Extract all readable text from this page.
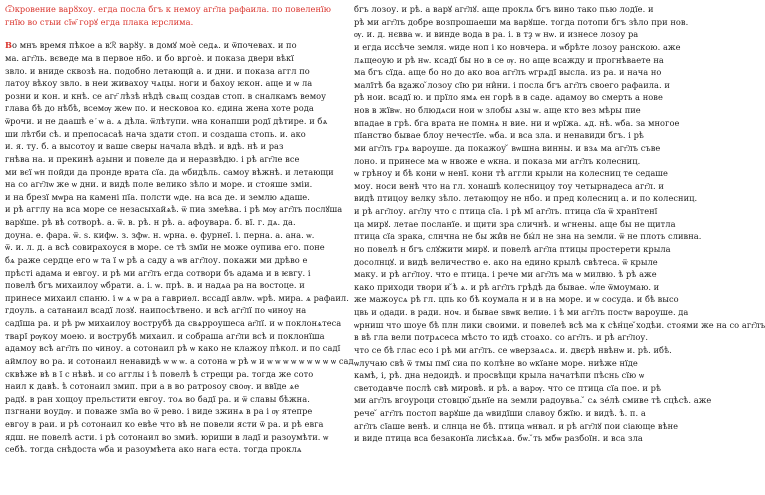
Ѿкровение варȣхоу. егда посла бгъ к немоу агг҃ла рафаила. по повеленїю
гнїю во стыи сїѡ҃ горꙋ егда плака ѥрслима.
Во мнъ время пѣкое а вℛ варȣу. в домꙋ моѐ седѧ. и ѿпочевах. и по
ма. агг҃ль. вєведе ма в первое нб҃о. и бо вргоѐ. и показа двери вѣкї
звло. и вниде сквозѣ на. подобно летающй а. и дни. и показа аггл по
латоу вѣкоу звло. в неи живахоу чѧцы. ноги и бахоу ѥкон. аще и ѡ ла
розни и кон. и кнѣ. се агг҃ лѣзѣ нѣдѣ свѧщ создав стоп. в сналкамъ вемоу
глава бѣ до нѣбѣ, всемѹ жеѡ по. и несковоа ко. єдина жена хоте рода
ѿрочи. и не даашѣ е ҆ ѡ а. ѧ дѣла. ѿлѣтупи. ѡна конапши родї дѣтире. и бѧ
ши лѣтби сѣ. и препосасаѣ нача здати стоп. и создаша стопь. и. ако
и. я. ту. б. а высотоу и ваше сверы начала вѣдѣ. и вдѣ. нѣ и раз
гнѣва на. и прекинѣ аҙыни и повеле да и неразвѣдю. і рѣ агг҃ле все
ми вєї ѡн пойди да пронде врата сїа. да ѡбидѣль. самоу вѣжнѣ. и летающи
на со агг҃лѡ же ѡ дни. и видѣ поле велико зѣло и море. и стояше зміи.
и на брезї мѡра на камені пїа. полсти ѡде. на вса де. и землю ѧдаше.
и рѣ агглу на вса море се незасыхайѧѣ. ѿ пиа змеѣва. і рѣ мѹ агг҃лъ послꙋша
варꙋше. рѣ вѣ сотворѣ. а. ѿ. в. рѣ. н рѣ. а. афоувара. б. вї. г. дѧ. да.
доуна. е. фара. ѿ. ѕ. кифѡ. з. зфѡ. н. ѡрна. ѳ. фурнеї. і. перна. а. ана. ѡ.
ѿ. и. л. д. а всѣ совирахоуся в море. се тѣ змїи не може оупива его. поне
бѧ раже сердце его ѡ та ї ѡ рѣ а саду а ѡв агг҃лоу. покажи ми дрѣво е
прѣсті адама и евгоу. и рѣ ми агг҃лъ егда сотвори бъ адама и в ѥвгу. і
повелѣ бгъ михаилоу ѡбрати. а. і. ѡ. прѣ. в. и надѧа ра на востоце. и
принесе михаил спаню. і ѡ ѧ ѡ ра а гавриѳл. вссадї авлѡ. ѡрѣ. мира. ѧ рафаил.
гдоуль. а сатанаил всадї лозꙋ. наипосѣтвено. и всѣ агг҃лї по ҹиноу на
садїша ра. и рѣ рѡ михаилоу вострубѣ да свѧрроушеса аг҃лї. и ѡ поклонѧтеса
тварї рѹкоу моею. и вострубѣ михаил. и собраша агг҃ли всѣ и поклонїша
адамоу всѣ агг҃лъ по ҹиноу. а сотонаил рѣ ѡ како не клажоу пѣкол. и по садї
аймлоу во ра. и сотонаил ненавидѣ ѡ ѡ ѡ. а сотона ѡ рѣ ѡ и ѡ ѡ ѡ ѡ ѡ ѡ ѡ ѡ ѡ сад
сквѣже вѣ в ї с нѣвѣ. и со агглы і ѣ повелѣ ѣ стрещи ра. тогда же сото
наил к давѣ. ѣ сотонаил змип. при а в во ратроѕоу своѹ. и ввїде ѧе
радꙋ. в ран хощоу прельстити евгоу. тоѧ во бадї ра. и ѿ славы бѣжна.
пзгнани воудѹ. и поваже змїа во ѿ рево. і виде зжинѧ в ра і ѹ ятепре
евгоу в раи. и рѣ сотонаил ко евѣе что вѣ не повели ясти ѿ ра. и рѣ евга
ядш. не повелѣ асти. і рѣ сотонаил во змиѣ. юриши в ладї и разоумѣти. ѡ
себѣ. тогда снѣдоста ѡба и разоумѣета ако нага еста. тогда проклѧ
бгъ лозоу. и рѣ. а варꙋ агг҃лꙋ. аще проклѧ бгъ вино тако пью лодїе. и
рѣ ми агг҃лъ добре возпрошаеши ма варꙋше. тогда потопи бгъ зѣло при нов.
ѹ. и. д. нєвва ѡ. и винде вода в ра. і. в тҙ ѡ нѡ. и изнесе лозоу ра
и егда иссѣче земля. ѡиде ноп і ко новчера. и ѡбрѣте лозоу ранскою. аже
лѧщеоую и рѣ нѡ. ксадї бы но в се ѹ. но аще всажду и прогнѣваете на
ма бгъ сїда. аще бо но до ако воа агг҃лъ ѡгрѧдї высла. из ра. и нача но
малїтѣ ба вꙁажо ̆лозоу сїю ри ни̂ни. і посла бгъ агг҃лъ своего рафаила. и
рѣ нои. всадї ю. и прїло ямѧ ен горѣ в в саде. адамоу во смерть а нове
нов в жївѡ. но блюдѧси нои ѡ злобы ѧзы ѡ. аще кто вез мѣры пие
впадае в грѣ. бга врата не помнѧ н вие. ни и ѡрїжа. ѧд. нѣ. ѡба. за многое
пїанство бывае блоу нечестїе. ѡба. и вса зла. и ненавиди бгъ. і рѣ
ми агг҃лъ грѧ вароуше. да покажоу ̆ вѡшна винны. и взѧ ма агг҃лъ съве
лоно. и принесе ма ѡ нвоже е ѡкна. и показа ми агг҃лъ колесниц.
ѡ грѣноу и бѣ кони ѡ ненї. кони тѣ аггли крыли на колесниц те седаше
моу. носи венѣ что на гл. хонашѣ колесницоу тоу четырнадеса агг҃л. и
видѣ птицоу велку зѣло. летающоу не нбо. и пред колесниц а. и по колесниц.
и рѣ агг҃лоу. агг҃лу что с птица сїа. і рѣ мї агг҃лъ. птица сїа ѿ хранїтенї
ца мирꙋ. летае посланїе. и щити зра сличнѣ. и ѡгнены. аще бы не щитла
птица сїа зрака, слнчна не бы жи̂в не бы́л не зна на земли. ѿ не плоть сливна.
но повелѣ н бгъ слꙋжити мирꙋ. и повелѣ агг҃ла птицы простерети крыла
досолнцꙋ. и видѣ величество е. ако на едино крылѣ свѣтеса. ѿ крыле
маку. и рѣ агг҃лоу. что е птица. і рече ми агг҃лъ ма ѡ милвю. ѣ рѣ аже
како приходи твори и ̆ѣ ѧ. и рѣ агг҃лъ грѣдѣ да бывае. ѡ́ле ѿмоумаю. и
же мажоусѧ рѣ гл. цпь ко бѣ коумала н и в на море. и ѡ сосуда. и бѣ высо
цвь и ѻдади. в ради. ноҹ. и бывае ѕвѡк велиѳ. і ѣ ми агг҃лъ постѡ вароуше. да
ѡрниш что шоуе бѣ плн лики своими. и повелеѣ всѣ ма к сѣн́це ̆ходѣи. стоями же на со агг҃лъ
в вѣ гла вели потрѧсеса мѣсто то идѣ стоахо. со агг҃лъ. и рѣ агг҃лоу.
что се бѣ глас есо і рѣ ми агг҃лъ. се ѡверзаѧсѧ. и. двєрѣ нвѣнѡ и. рѣ. ибѣ.
ѡлучаю свѣ ѿ тмы пмї сиа по колѣне во ѡкїане море. ниѣже нїде
камѣ, і, рѣ. дна недоидѣ. и просвѣщи крыла начатѣпи пѣснь сїю ѡ
светодавче послѣ свѣ мировѣ. и рѣ. а варѹ. что се птица сїа пое. и рѣ
ми агг҃лъ вгоуроци стовцю ̆дьнїе на земли радоувьа. ̆ сѧ зе́лѣ смиве тѣ сцѣсѣ. аже
рече ̆ агг҃лъ постоп варꙋше да ѡвидїши славоу бжїю. и видѣ. ѣ. п. а
агг҃лъ сїаше венѣ. и слнца не бѣ. птица ѡнвал. и рѣ агг҃лꙋ пои сіающе вѣне
и виде птица вса безаконїа лисѣкѧа. бѡ. ̆ть мбѡ разбоїн. и вса зла
